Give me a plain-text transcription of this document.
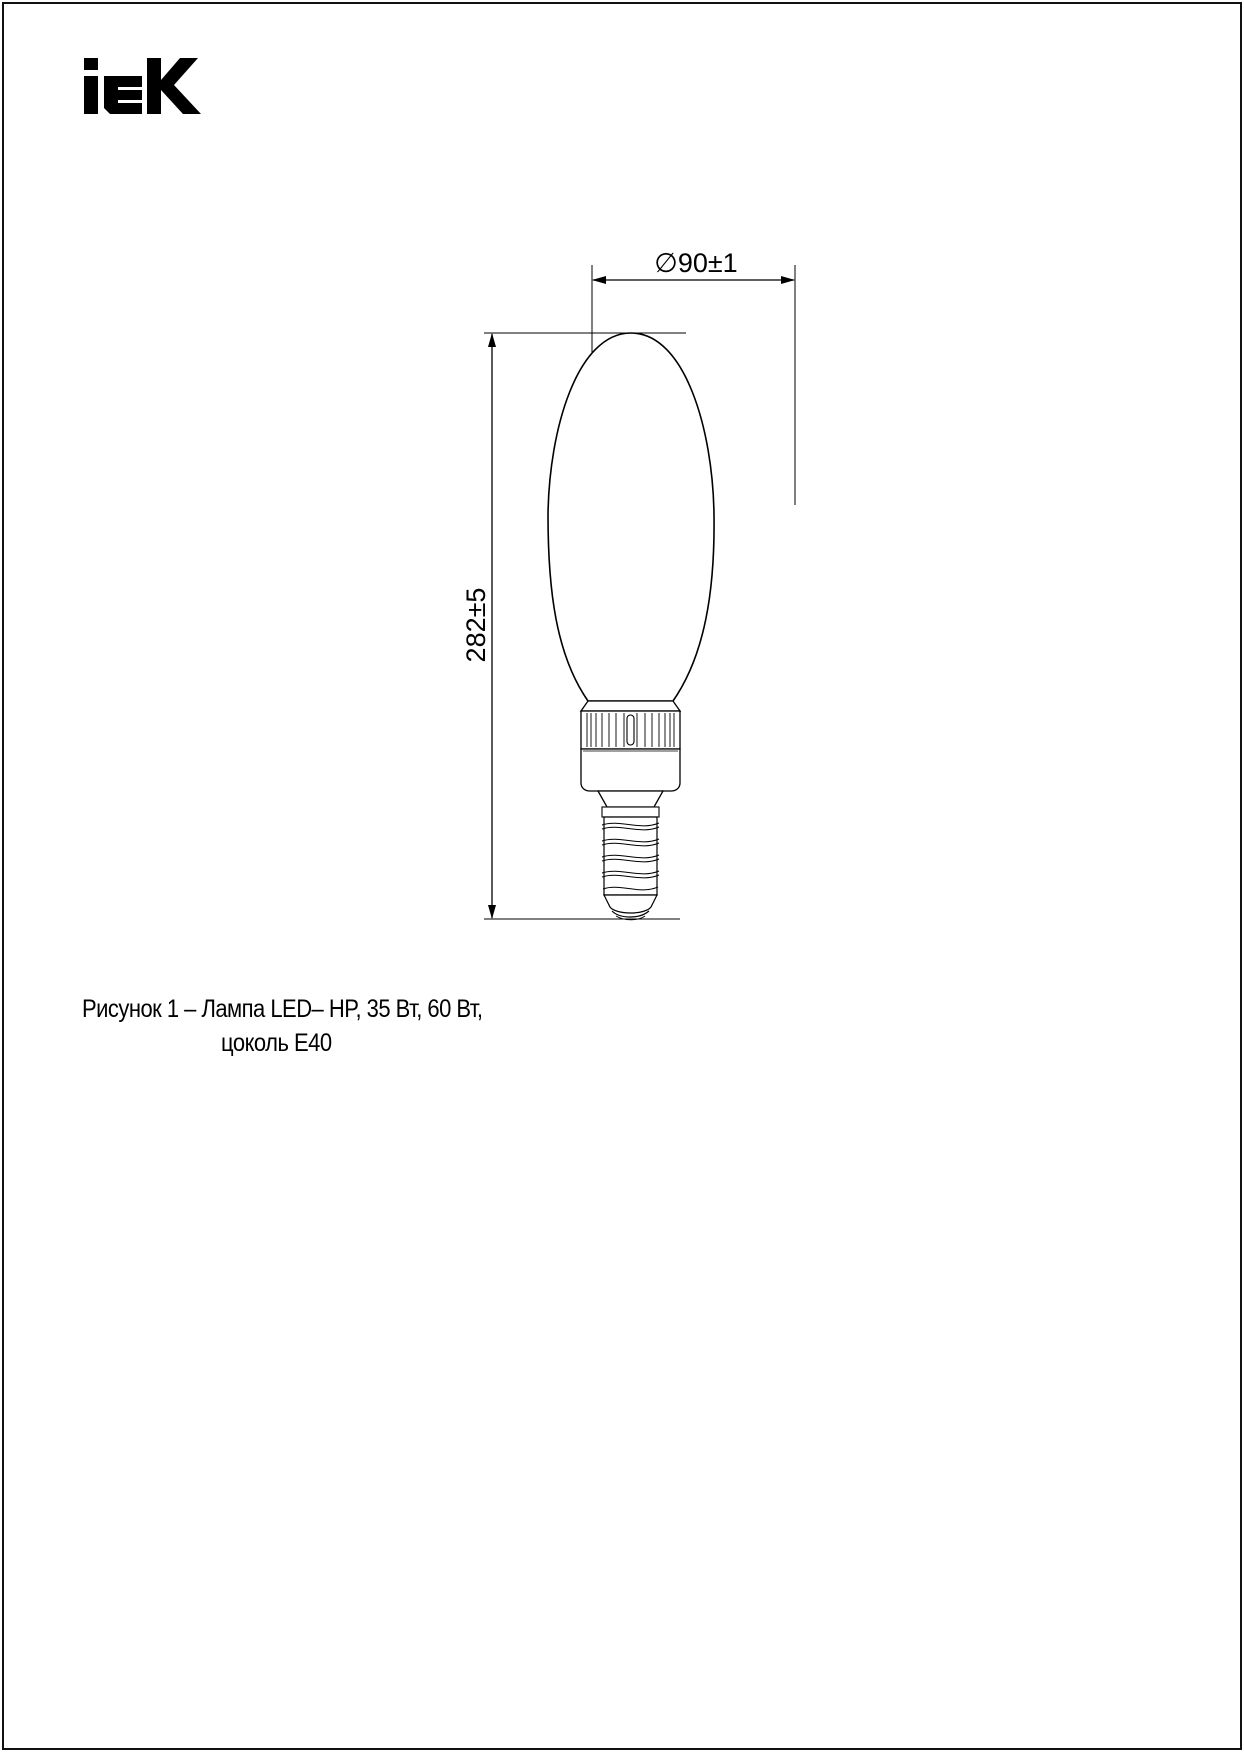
∅90±1
282±5
Рисунок 1 – Лампа LED– HP, 35 Вт, 60 Вт,
цоколь Е40
